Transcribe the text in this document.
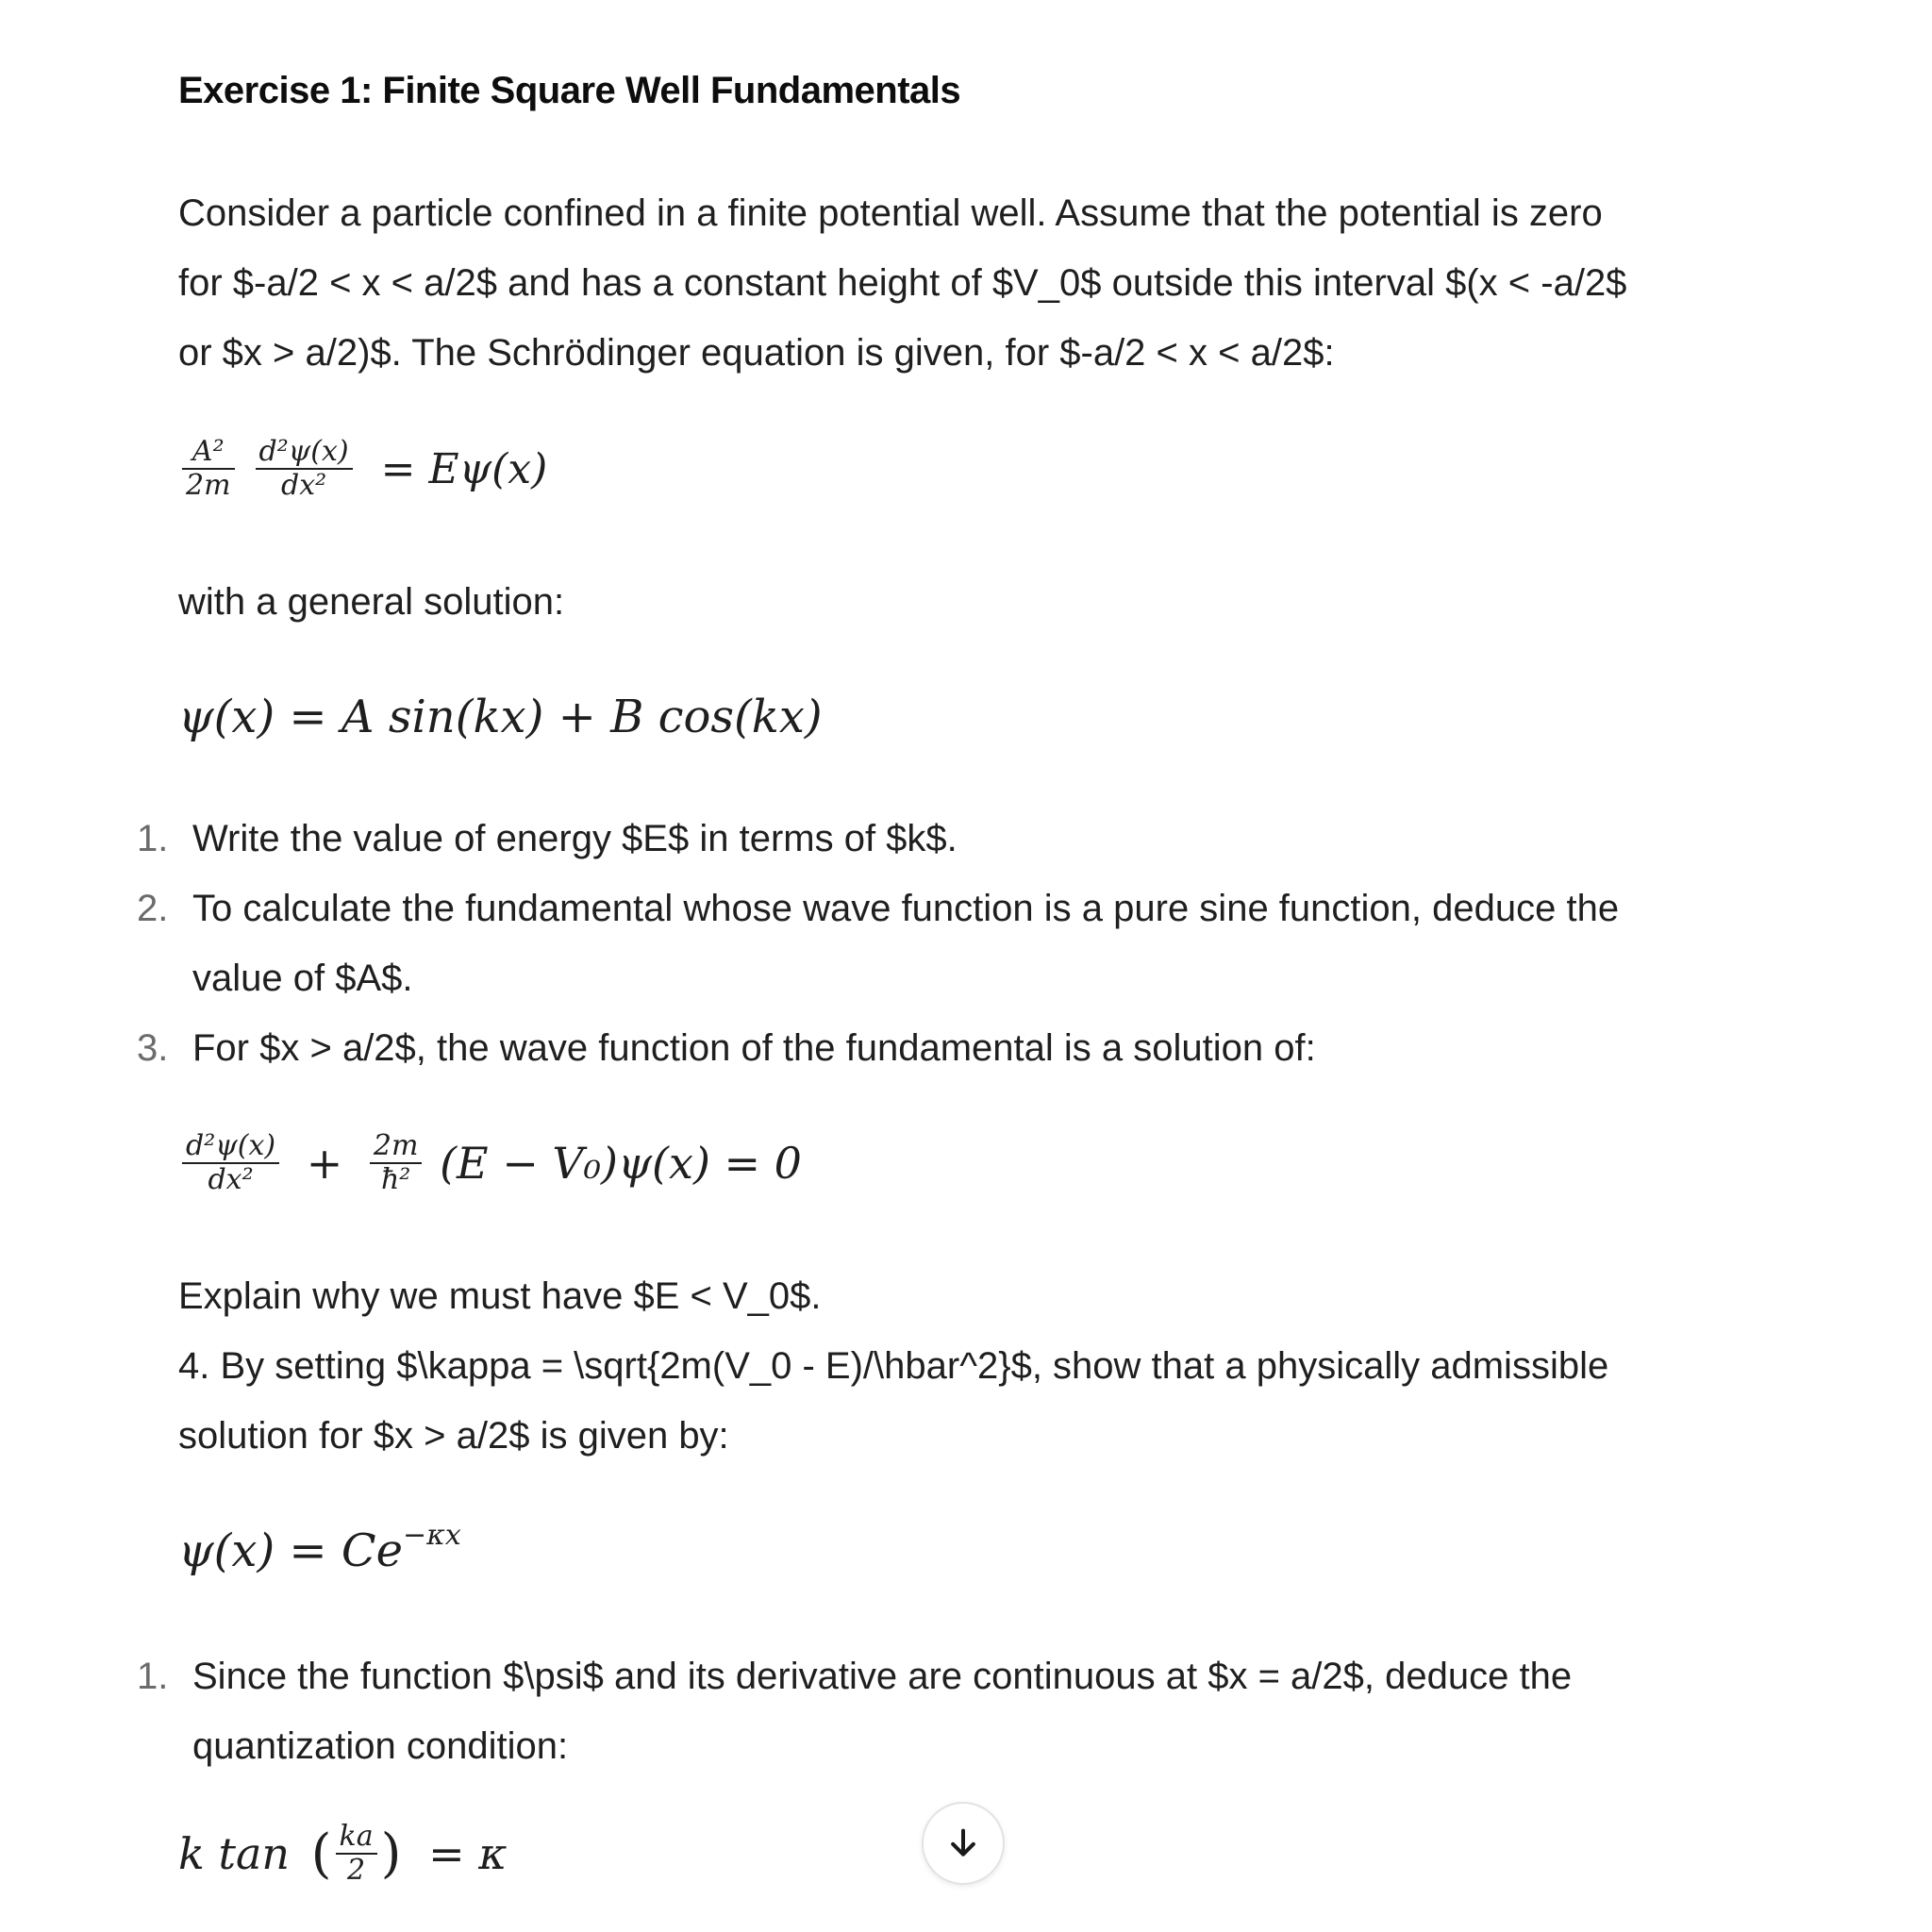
Exercise 1: Finite Square Well Fundamentals
Consider a particle confined in a finite potential well. Assume that the potential is zero
for $-a/2 < x < a/2$ and has a constant height of $V_0$ outside this interval $(x < -a/2$
or $x > a/2)$. The Schrödinger equation is given, for $-a/2 < x < a/2$:
$\frac{\text{A²}}{2m}$
$\frac{\text{d²ψ(x)}}{\text{dx²}} = E\psi(x)$
with a general solution:
ψ(x) = A sin(kx) + B cos(kx)
1. Write the value of energy $E$ in terms of $k$.
2. To calculate the fundamental whose wave function is a pure sine function, deduce the
value of $A$.
3. For $x > a/2$, the wave function of the fundamental is a solution of:
$\frac{\text{d²ψ(x)}}{\text{dx²}} + \frac{2m}{\text{ħ²}} (E - V_0)\psi(x) = 0$
Explain why we must have $E < V_0$.
4. By setting $\kappa = \sqrt{2m(V_0 - E)/\hbar^2}$, show that a physically admissible
solution for $x > a/2$ is given by:
$\psi(x) = Ce^{-\kappa x}$
1. Since the function $\psi$ and its derivative are continuous at $x = a/2$, deduce the
quantization condition:
k tan ( $\frac{ka}{2}$ ) = κ
